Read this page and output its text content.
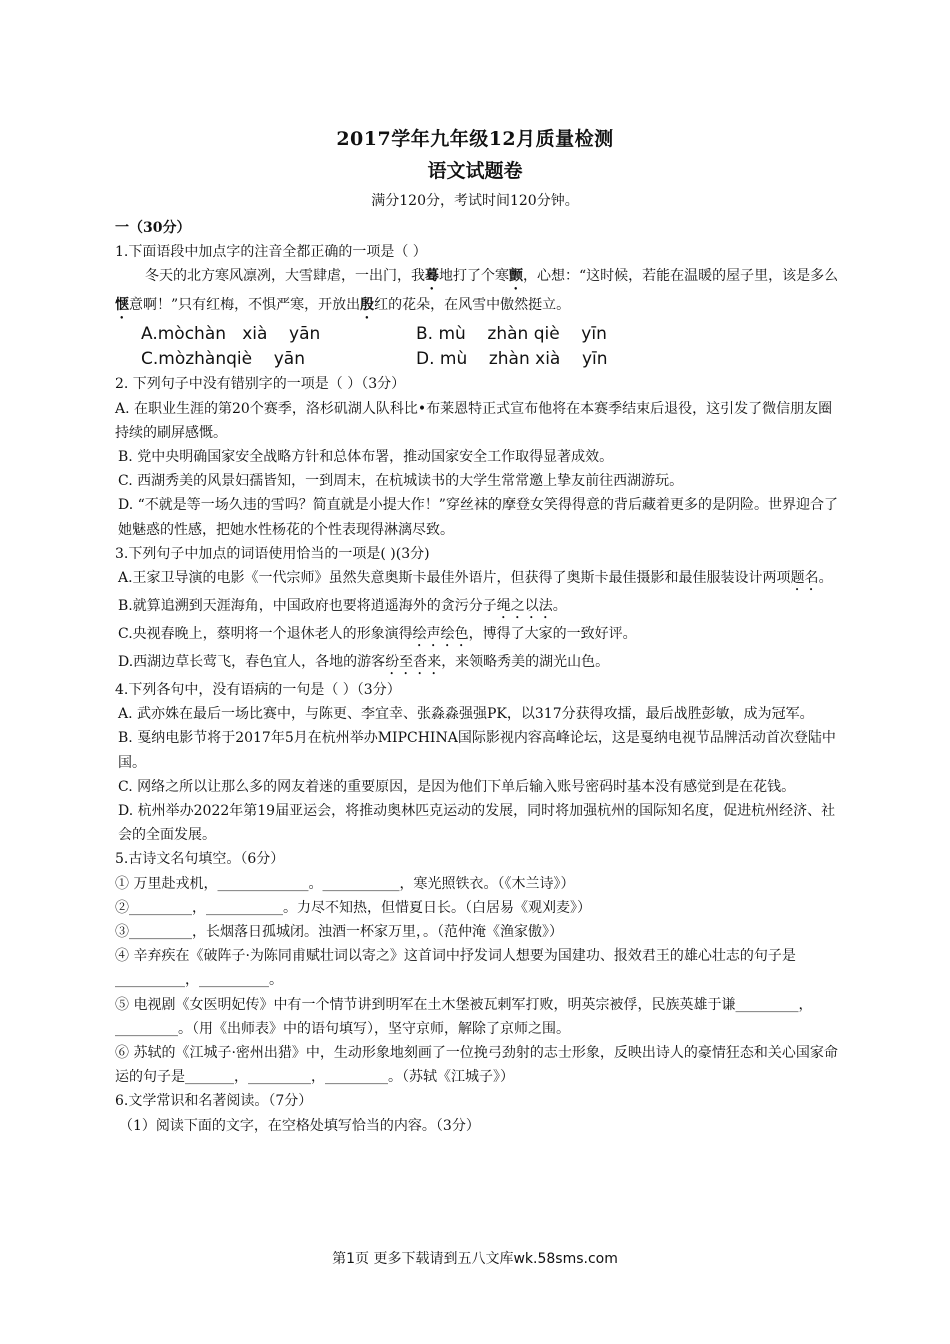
2017学年九年级12月质量检测
语文试题卷
满分120分，考试时间120分钟。

一（30分）

1.下面语段中加点字的注音全都正确的一项是（ ）

冬天的北方寒风凛冽，大雪肆虐，一出门，我蓦地打了个寒颤，心想：“这时候，若能在温暖的屋子里，该是多么惬意啊！”只有红梅，不惧严寒，开放出殷红的花朵，在风雪中傲然挺立。

A.mòchàn   xià    yān	B. mù    zhàn qiè    yīn
C.mòzhànqiè    yān	D. mù    zhàn xià    yīn

2. 下列句子中没有错别字的一项是（ ）（3分）

A. 在职业生涯的第20个赛季，洛杉矶湖人队科比•布莱恩特正式宣布他将在本赛季结束后退役，这引发了微信朋友圈持续的刷屏感慨。

B. 党中央明确国家安全战略方针和总体布署，推动国家安全工作取得显著成效。

C. 西湖秀美的风景妇孺皆知，一到周末，在杭城读书的大学生常常邀上挚友前往西湖游玩。

D. “不就是等一场久违的雪吗？简直就是小提大作！”穿丝袜的摩登女笑得得意的背后藏着更多的是阴险。世界迎合了她魅惑的性感，把她水性杨花的个性表现得淋漓尽致。

3.下列句子中加点的词语使用恰当的一项是( )(3分)

A.王家卫导演的电影《一代宗师》虽然失意奥斯卡最佳外语片，但获得了奥斯卡最佳摄影和最佳服装设计两项题名。

B.就算追溯到天涯海角，中国政府也要将逍遥海外的贪污分子绳之以法。

C.央视春晚上，蔡明将一个退休老人的形象演得绘声绘色，博得了大家的一致好评。

D.西湖边草长莺飞，春色宜人，各地的游客纷至沓来，来领略秀美的湖光山色。

4.下列各句中，没有语病的一句是（ ）（3分）

A. 武亦姝在最后一场比赛中，与陈更、李宜幸、张淼淼强强PK，以317分获得攻擂，最后战胜彭敏，成为冠军。

B. 戛纳电影节将于2017年5月在杭州举办MIPCHINA国际影视内容高峰论坛，这是戛纳电视节品牌活动首次登陆中国。

C. 网络之所以让那么多的网友着迷的重要原因，是因为他们下单后输入账号密码时基本没有感觉到是在花钱。

D. 杭州举办2022年第19届亚运会，将推动奥林匹克运动的发展，同时将加强杭州的国际知名度，促进杭州经济、社会的全面发展。

5.古诗文名句填空。（6分）

① 万里赴戎机，_____________。___________，寒光照铁衣。（《木兰诗》）

②_________，___________。力尽不知热，但惜夏日长。（白居易《观刈麦》）

③_________，长烟落日孤城闭。浊酒一杯家万里，。（范仲淹《渔家傲》）

④ 辛弃疾在《破阵子·为陈同甫赋壮词以寄之》这首词中抒发词人想要为国建功、报效君王的雄心壮志的句子是__________，__________。

⑤ 电视剧《女医明妃传》中有一个情节讲到明军在土木堡被瓦剌军打败，明英宗被俘，民族英雄于谦_________，_________。（用《出师表》中的语句填写），坚守京师，解除了京师之围。

⑥ 苏轼的《江城子·密州出猎》中，生动形象地刻画了一位挽弓劲射的志士形象，反映出诗人的豪情狂态和关心国家命运的句子是_______，_________，_________。（苏轼《江城子》）

6.文学常识和名著阅读。（7分）

（1）阅读下面的文字，在空格处填写恰当的内容。（3分）

第1页 更多下载请到五八文库wk.58sms.com
